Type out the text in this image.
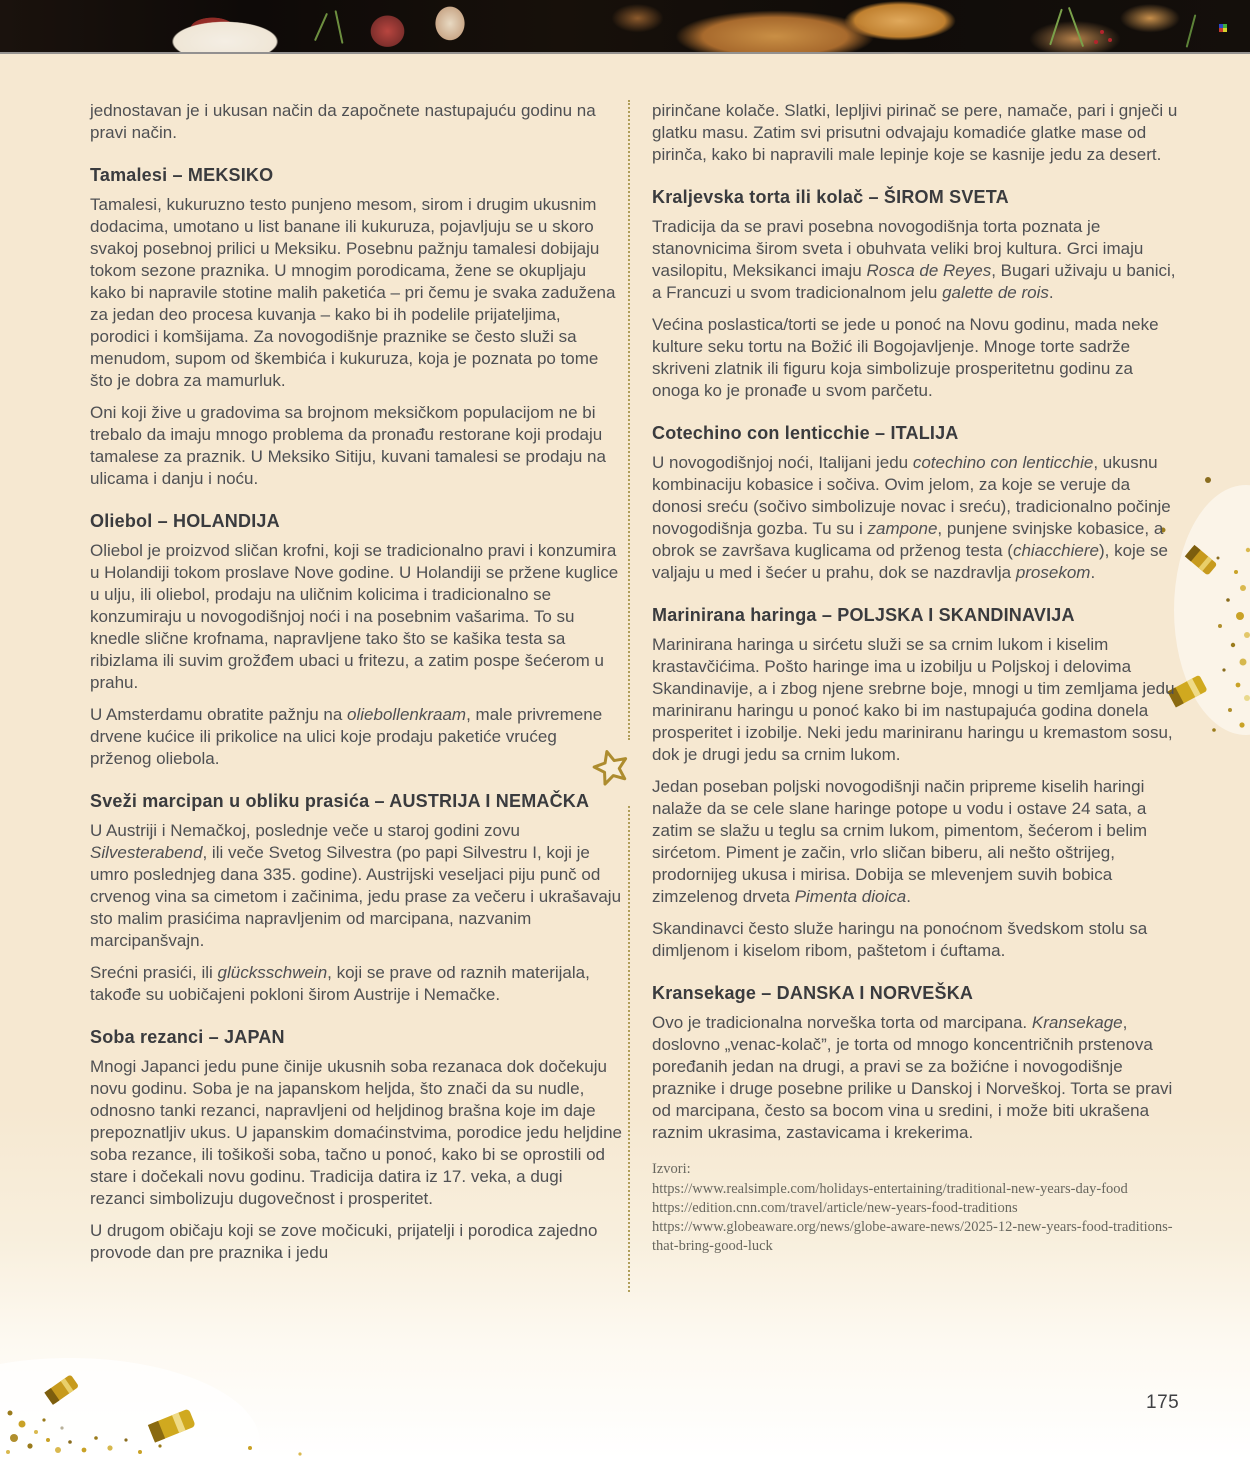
jednostavan je i ukusan način da započnete nastupajuću godinu na pravi način.

Tamalesi – MEKSIKO

Tamalesi, kukuruzno testo punjeno mesom, sirom i drugim ukusnim dodacima, umotano u list banane ili kukuruza, pojavljuju se u skoro svakoj posebnoj prilici u Meksiku. Posebnu pažnju tamalesi dobijaju tokom sezone praznika. U mnogim porodicama, žene se okupljaju kako bi napravile stotine malih paketića – pri čemu je svaka zadužena za jedan deo procesa kuvanja – kako bi ih podelile prijateljima, porodici i komšijama. Za novogodišnje praznike se često služi sa menudom, supom od škembića i kukuruza, koja je poznata po tome što je dobra za mamurluk.

Oni koji žive u gradovima sa brojnom meksičkom populacijom ne bi trebalo da imaju mnogo problema da pronađu restorane koji prodaju tamalese za praznik. U Meksiko Sitiju, kuvani tamalesi se prodaju na ulicama i danju i noću.

Oliebol – HOLANDIJA

Oliebol je proizvod sličan krofni, koji se tradicionalno pravi i konzumira u Holandiji tokom proslave Nove godine. U Holandiji se pržene kuglice u ulju, ili oliebol, prodaju na uličnim kolicima i tradicionalno se konzumiraju u novogodišnjoj noći i na posebnim vašarima. To su knedle slične krofnama, napravljene tako što se kašika testa sa ribizlama ili suvim grožđem ubaci u fritezu, a zatim pospe šećerom u prahu.

U Amsterdamu obratite pažnju na oliebollenkraam, male privremene drvene kućice ili prikolice na ulici koje prodaju paketiće vrućeg prženog oliebola.

Sveži marcipan u obliku prasića – AUSTRIJA I NEMAČKA

U Austriji i Nemačkoj, poslednje veče u staroj godini zovu Silvesterabend, ili veče Svetog Silvestra (po papi Silvestru I, koji je umro poslednjeg dana 335. godine). Austrijski veseljaci piju punč od crvenog vina sa cimetom i začinima, jedu prase za večeru i ukrašavaju sto malim prasićima napravljenim od marcipana, nazvanim marcipanšvajn.

Srećni prasići, ili glücksschwein, koji se prave od raznih materijala, takođe su uobičajeni pokloni širom Austrije i Nemačke.

Soba rezanci – JAPAN

Mnogi Japanci jedu pune činije ukusnih soba rezanaca dok dočekuju novu godinu. Soba je na japanskom heljda, što znači da su nudle, odnosno tanki rezanci, napravljeni od heljdinog brašna koje im daje prepoznatljiv ukus. U japanskim domaćinstvima, porodice jedu heljdine soba rezance, ili tošikoši soba, tačno u ponoć, kako bi se oprostili od stare i dočekali novu godinu. Tradicija datira iz 17. veka, a dugi rezanci simbolizuju dugovečnost i prosperitet.

U drugom običaju koji se zove močicuki, prijatelji i porodica zajedno provode dan pre praznika i jedu

pirinčane kolače. Slatki, lepljivi pirinač se pere, namače, pari i gnječi u glatku masu. Zatim svi prisutni odvajaju komadiće glatke mase od pirinča, kako bi napravili male lepinje koje se kasnije jedu za desert.

Kraljevska torta ili kolač – ŠIROM SVETA

Tradicija da se pravi posebna novogodišnja torta poznata je stanovnicima širom sveta i obuhvata veliki broj kultura. Grci imaju vasilopitu, Meksikanci imaju Rosca de Reyes, Bugari uživaju u banici, a Francuzi u svom tradicionalnom jelu galette de rois.

Većina poslastica/torti se jede u ponoć na Novu godinu, mada neke kulture seku tortu na Božić ili Bogojavljenje. Mnoge torte sadrže skriveni zlatnik ili figuru koja simbolizuje prosperitetnu godinu za onoga ko je pronađe u svom parčetu.

Cotechino con lenticchie – ITALIJA

U novogodišnjoj noći, Italijani jedu cotechino con lenticchie, ukusnu kombinaciju kobasice i sočiva. Ovim jelom, za koje se veruje da donosi sreću (sočivo simbolizuje novac i sreću), tradicionalno počinje novogodišnja gozba. Tu su i zampone, punjene svinjske kobasice, a obrok se završava kuglicama od prženog testa (chiacchiere), koje se valjaju u med i šećer u prahu, dok se nazdravlja prosekom.

Marinirana haringa – POLJSKA I SKANDINAVIJA

Marinirana haringa u sirćetu služi se sa crnim lukom i kiselim krastavčićima. Pošto haringe ima u izobilju u Poljskoj i delovima Skandinavije, a i zbog njene srebrne boje, mnogi u tim zemljama jedu mariniranu haringu u ponoć kako bi im nastupajuća godina donela prosperitet i izobilje. Neki jedu mariniranu haringu u kremastom sosu, dok je drugi jedu sa crnim lukom.

Jedan poseban poljski novogodišnji način pripreme kiselih haringi nalaže da se cele slane haringe potope u vodu i ostave 24 sata, a zatim se slažu u teglu sa crnim lukom, pimentom, šećerom i belim sirćetom. Piment je začin, vrlo sličan biberu, ali nešto oštrijeg, prodornijeg ukusa i mirisa. Dobija se mlevenjem suvih bobica zimzelenog drveta Pimenta dioica.

Skandinavci često služe haringu na ponoćnom švedskom stolu sa dimljenom i kiselom ribom, paštetom i ćuftama.

Kransekage – DANSKA I NORVEŠKA

Ovo je tradicionalna norveška torta od marcipana. Kransekage, doslovno „venac-kolač”, je torta od mnogo koncentričnih prstenova poređanih jedan na drugi, a pravi se za božićne i novogodišnje praznike i druge posebne prilike u Danskoj i Norveškoj. Torta se pravi od marcipana, često sa bocom vina u sredini, i može biti ukrašena raznim ukrasima, zastavicama i krekerima.

Izvori:
https://www.realsimple.com/holidays-entertaining/traditional-new-years-day-food
https://edition.cnn.com/travel/article/new-years-food-traditions
https://www.globeaware.org/news/globe-aware-news/2025-12-new-years-food-traditions-that-bring-good-luck
175
